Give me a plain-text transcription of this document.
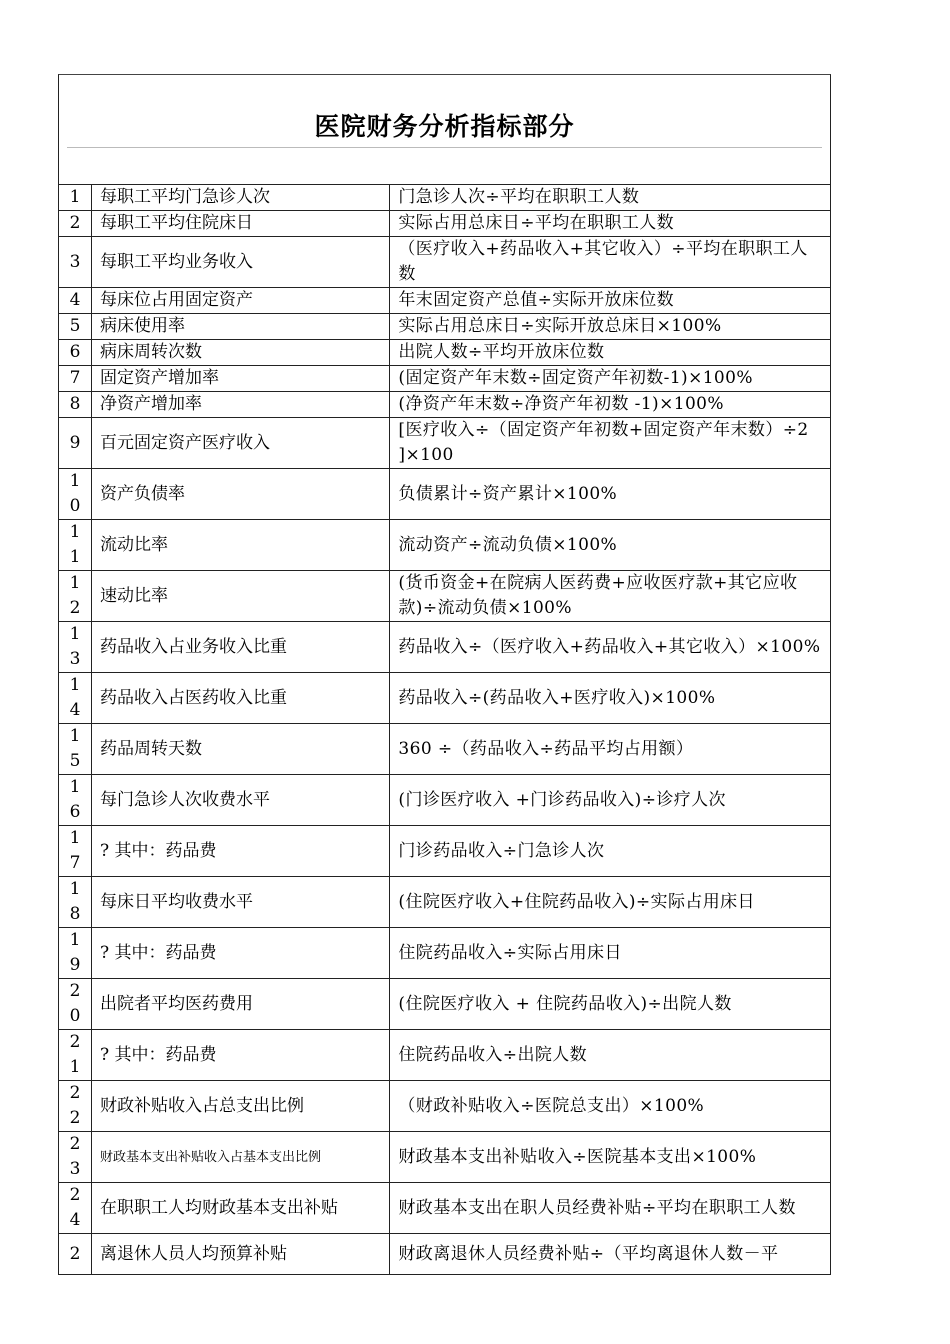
医院财务分析指标部分
1	每职工平均门急诊人次	门急诊人次÷平均在职职工人数

2	每职工平均住院床日	实际占用总床日÷平均在职职工人数

3	每职工平均业务收入	（医疗收入+药品收入+其它收入）÷平均在职职工人数

4	每床位占用固定资产	年末固定资产总值÷实际开放床位数

5	病床使用率	实际占用总床日÷实际开放总床日×100%

6	病床周转次数	出院人数÷平均开放床位数

7	固定资产增加率	(固定资产年末数÷固定资产年初数-1)×100%

8	净资产增加率	(净资产年末数÷净资产年初数 -1)×100%

9	百元固定资产医疗收入	[医疗收入÷（固定资产年初数+固定资产年末数）÷2 ]×100

10	资产负债率	负债累计÷资产累计×100%

11	流动比率	流动资产÷流动负债×100%

12	速动比率	(货币资金+在院病人医药费+应收医疗款+其它应收款)÷流动负债×100%

13	药品收入占业务收入比重	药品收入÷（医疗收入+药品收入+其它收入）×100%

14	药品收入占医药收入比重	药品收入÷(药品收入+医疗收入)×100%

15	药品周转天数	360 ÷（药品收入÷药品平均占用额）

16	每门急诊人次收费水平	(门诊医疗收入 +门诊药品收入)÷诊疗人次

17	? 其中：药品费	门诊药品收入÷门急诊人次

18	每床日平均收费水平	(住院医疗收入+住院药品收入)÷实际占用床日

19	? 其中：药品费	住院药品收入÷实际占用床日

20	出院者平均医药费用	(住院医疗收入 + 住院药品收入)÷出院人数

21	? 其中：药品费	住院药品收入÷出院人数

22	财政补贴收入占总支出比例	（财政补贴收入÷医院总支出）×100%

23	财政基本支出补贴收入占基本支出比例	财政基本支出补贴收入÷医院基本支出×100%

24	在职职工人均财政基本支出补贴	财政基本支出在职人员经费补贴÷平均在职职工人数

2	离退休人员人均预算补贴	财政离退休人员经费补贴÷（平均离退休人数－平
